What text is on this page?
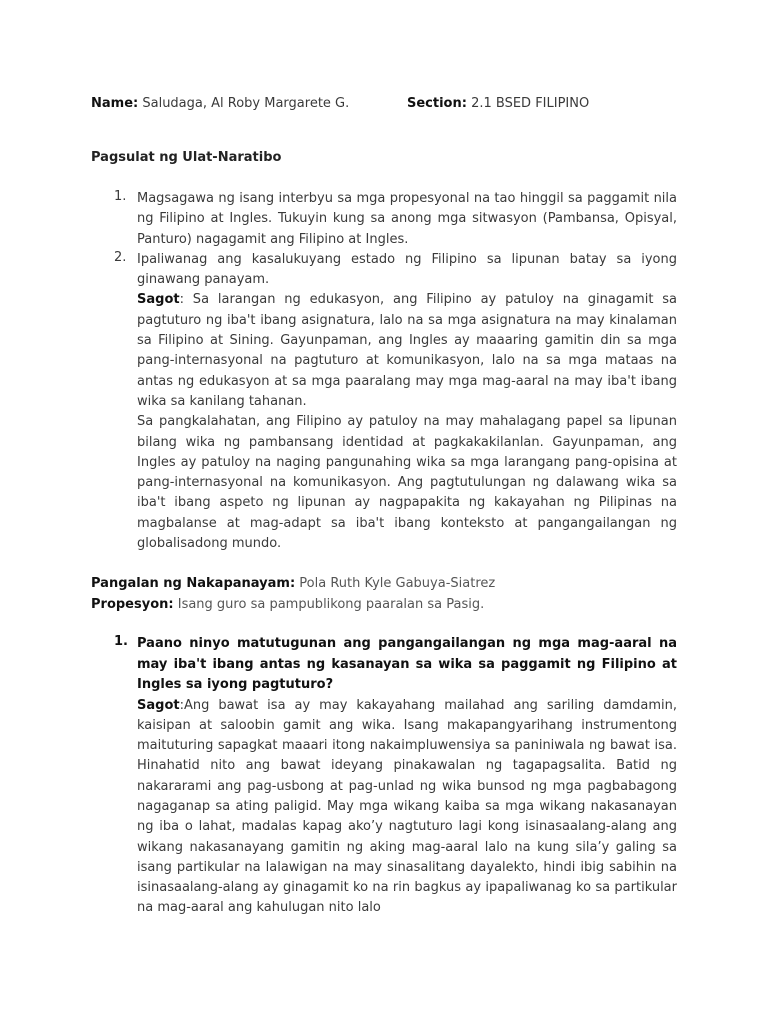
Name: Saludaga, Al Roby Margarete G.	Section: 2.1 BSED FILIPINO
Pagsulat ng Ulat-Naratibo
1. Magsagawa ng isang interbyu sa mga propesyonal na tao hinggil sa paggamit nila ng Filipino at Ingles. Tukuyin kung sa anong mga sitwasyon (Pambansa, Opisyal, Panturo) nagagamit ang Filipino at Ingles.

2. Ipaliwanag ang kasalukuyang estado ng Filipino sa lipunan batay sa iyong ginawang panayam.

Sagot: Sa larangan ng edukasyon, ang Filipino ay patuloy na ginagamit sa pagtuturo ng iba't ibang asignatura, lalo na sa mga asignatura na may kinalaman sa Filipino at Sining. Gayunpaman, ang Ingles ay maaaring gamitin din sa mga pang-internasyonal na pagtuturo at komunikasyon, lalo na sa mga mataas na antas ng edukasyon at sa mga paaralang may mga mag-aaral na may iba't ibang wika sa kanilang tahanan.

Sa pangkalahatan, ang Filipino ay patuloy na may mahalagang papel sa lipunan bilang wika ng pambansang identidad at pagkakakilanlan. Gayunpaman, ang Ingles ay patuloy na naging pangunahing wika sa mga larangang pang-opisina at pang-internasyonal na komunikasyon. Ang pagtutulungan ng dalawang wika sa iba't ibang aspeto ng lipunan ay nagpapakita ng kakayahan ng Pilipinas na magbalanse at mag-adapt sa iba't ibang konteksto at pangangailangan ng globalisadong mundo.

Pangalan ng Nakapanayam: Pola Ruth Kyle Gabuya-Siatrez
Propesyon: Isang guro sa pampublikong paaralan sa Pasig.
1. Paano ninyo matutugunan ang pangangailangan ng mga mag-aaral na may iba't ibang antas ng kasanayan sa wika sa paggamit ng Filipino at Ingles sa iyong pagtuturo?

Sagot:Ang bawat isa ay may kakayahang mailahad ang sariling damdamin, kaisipan at saloobin gamit ang wika. Isang makapangyarihang instrumentong maituturing sapagkat maaari itong nakaimpluwensiya sa paniniwala ng bawat isa. Hinahatid nito ang bawat ideyang pinakawalan ng tagapagsalita. Batid ng nakararami ang pag-usbong at pag-unlad ng wika bunsod ng mga pagbabagong nagaganap sa ating paligid. May mga wikang kaiba sa mga wikang nakasanayan ng iba o lahat, madalas kapag ako’y nagtuturo lagi kong isinasaalang-alang ang wikang nakasanayang gamitin ng aking mag-aaral lalo na kung sila’y galing sa isang partikular na lalawigan na may sinasalitang dayalekto, hindi ibig sabihin na isinasaalang-alang ay ginagamit ko na rin bagkus ay ipapaliwanag ko sa partikular na mag-aaral ang kahulugan nito lalo
